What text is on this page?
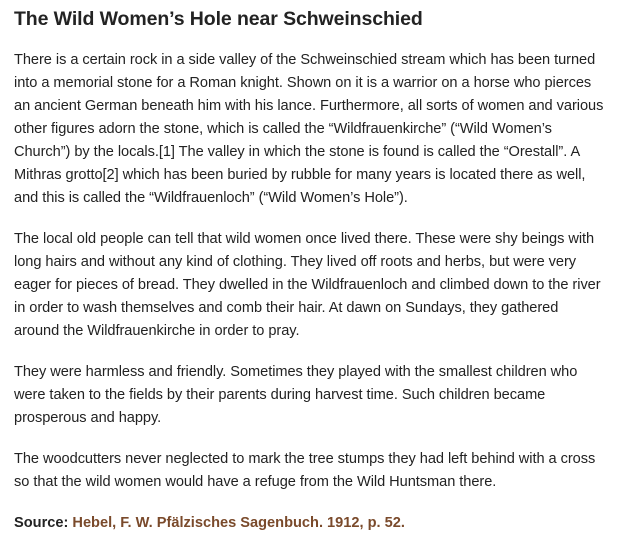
The Wild Women’s Hole near Schweinschied

There is a certain rock in a side valley of the Schweinschied stream which has been turned into a memorial stone for a Roman knight. Shown on it is a warrior on a horse who pierces an ancient German beneath him with his lance. Furthermore, all sorts of women and various other figures adorn the stone, which is called the “Wildfrauenkirche” (“Wild Women’s Church”) by the locals.[1] The valley in which the stone is found is called the “Orestall”. A Mithras grotto[2] which has been buried by rubble for many years is located there as well, and this is called the “Wildfrauenloch” (“Wild Women’s Hole”).

The local old people can tell that wild women once lived there. These were shy beings with long hairs and without any kind of clothing. They lived off roots and herbs, but were very eager for pieces of bread. They dwelled in the Wildfrauenloch and climbed down to the river in order to wash themselves and comb their hair. At dawn on Sundays, they gathered around the Wildfrauenkirche in order to pray.

They were harmless and friendly. Sometimes they played with the smallest children who were taken to the fields by their parents during harvest time. Such children became prosperous and happy.

The woodcutters never neglected to mark the tree stumps they had left behind with a cross so that the wild women would have a refuge from the Wild Huntsman there.

Source: Hebel, F. W. Pfälzisches Sagenbuch. 1912, p. 52.
